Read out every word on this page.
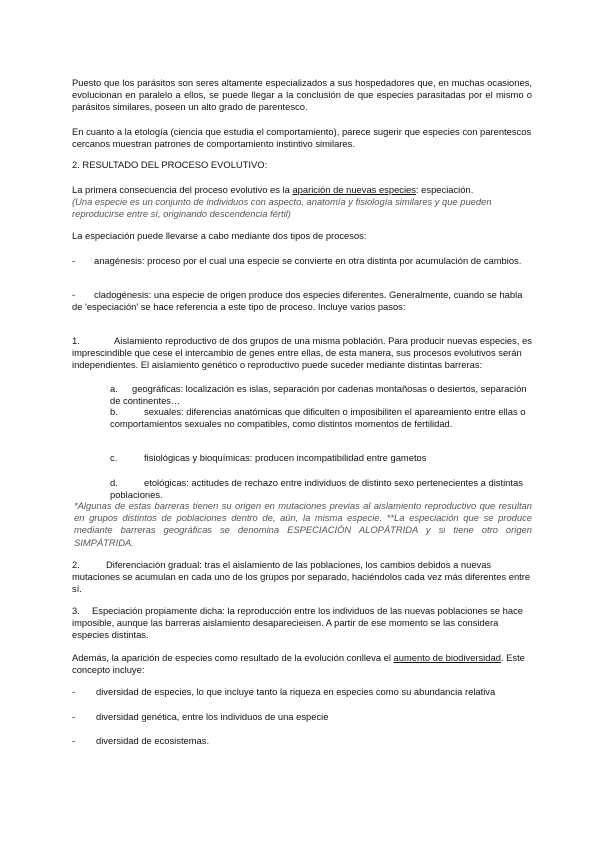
Puesto que los parásitos son seres altamente especializados a sus hospedadores que, en muchas ocasiones, evolucionan en paralelo a ellos, se puede llegar a la conclusión de que especies parasitadas por el mismo o parásitos similares, poseen un alto grado de parentesco.

En cuanto a la etología (ciencia que estudia el comportamiento), parece sugerir que especies con parentescos cercanos muestran patrones de comportamiento instintivo similares.

2. RESULTADO DEL PROCESO EVOLUTIVO:

La primera consecuencia del proceso evolutivo es la aparición de nuevas especies: especiación.

(Una especie es un conjunto de individuos con aspecto, anatomía y fisiología similares y que pueden reproducirse entre sí, originando descendencia fértil)

La especiación puede llevarse a cabo mediante dos tipos de procesos:

- anagénesis: proceso por el cual una especie se convierte en otra distinta por acumulación de cambios.

- cladogénesis: una especie de origen produce dos especies diferentes. Generalmente, cuando se habla de 'especiación' se hace referencia a este tipo de proceso. Incluye varios pasos:

1.	Aislamiento reproductivo de dos grupos de una misma población. Para producir nuevas especies, es imprescindible que cese el intercambio de genes entre ellas, de esta manera, sus procesos evolutivos serán independientes. El aislamiento genético o reproductivo puede suceder mediante distintas barreras:

a. geográficas: localización es islas, separación por cadenas montañosas o desiertos, separación de continentes…

b.	sexuales: diferencias anatómicas que dificulten o imposibiliten el apareamiento entre ellas o comportamientos sexuales no compatibles, como distintos momentos de fertilidad.

c.	fisiológicas y bioquímicas: producen incompatibilidad entre gametos

d.	etológicas: actitudes de rechazo entre individuos de distinto sexo pertenecientes a distintas poblaciones.

*Algunas de estas barreras tienen su origen en mutaciones previas al aislamiento reproductivo que resultan en grupos distintos de poblaciones dentro de, aún, la misma especie. **La especiación que se produce mediante barreras geográficas se denomina ESPECIACIÓN ALOPÁTRIDA y si tiene otro origen SIMPÁTRIDA.

2.	Diferenciación gradual: tras el aislamiento de las poblaciones, los cambios debidos a nuevas mutaciones se acumulan en cada uno de los grupos por separado, haciéndolos cada vez más diferentes entre sí.

3. Especiación propiamente dicha: la reproducción entre los individuos de las nuevas poblaciones se hace imposible, aunque las barreras aislamiento desaparecieisen. A partir de ese momento se las considera especies distintas.

Además, la aparición de especies como resultado de la evolución conlleva el aumento de biodiversidad. Este concepto incluye:

- diversidad de especies, lo que incluye tanto la riqueza en especies como su abundancia relativa

- diversidad genética, entre los individuos de una especie

- diversidad de ecosistemas.
